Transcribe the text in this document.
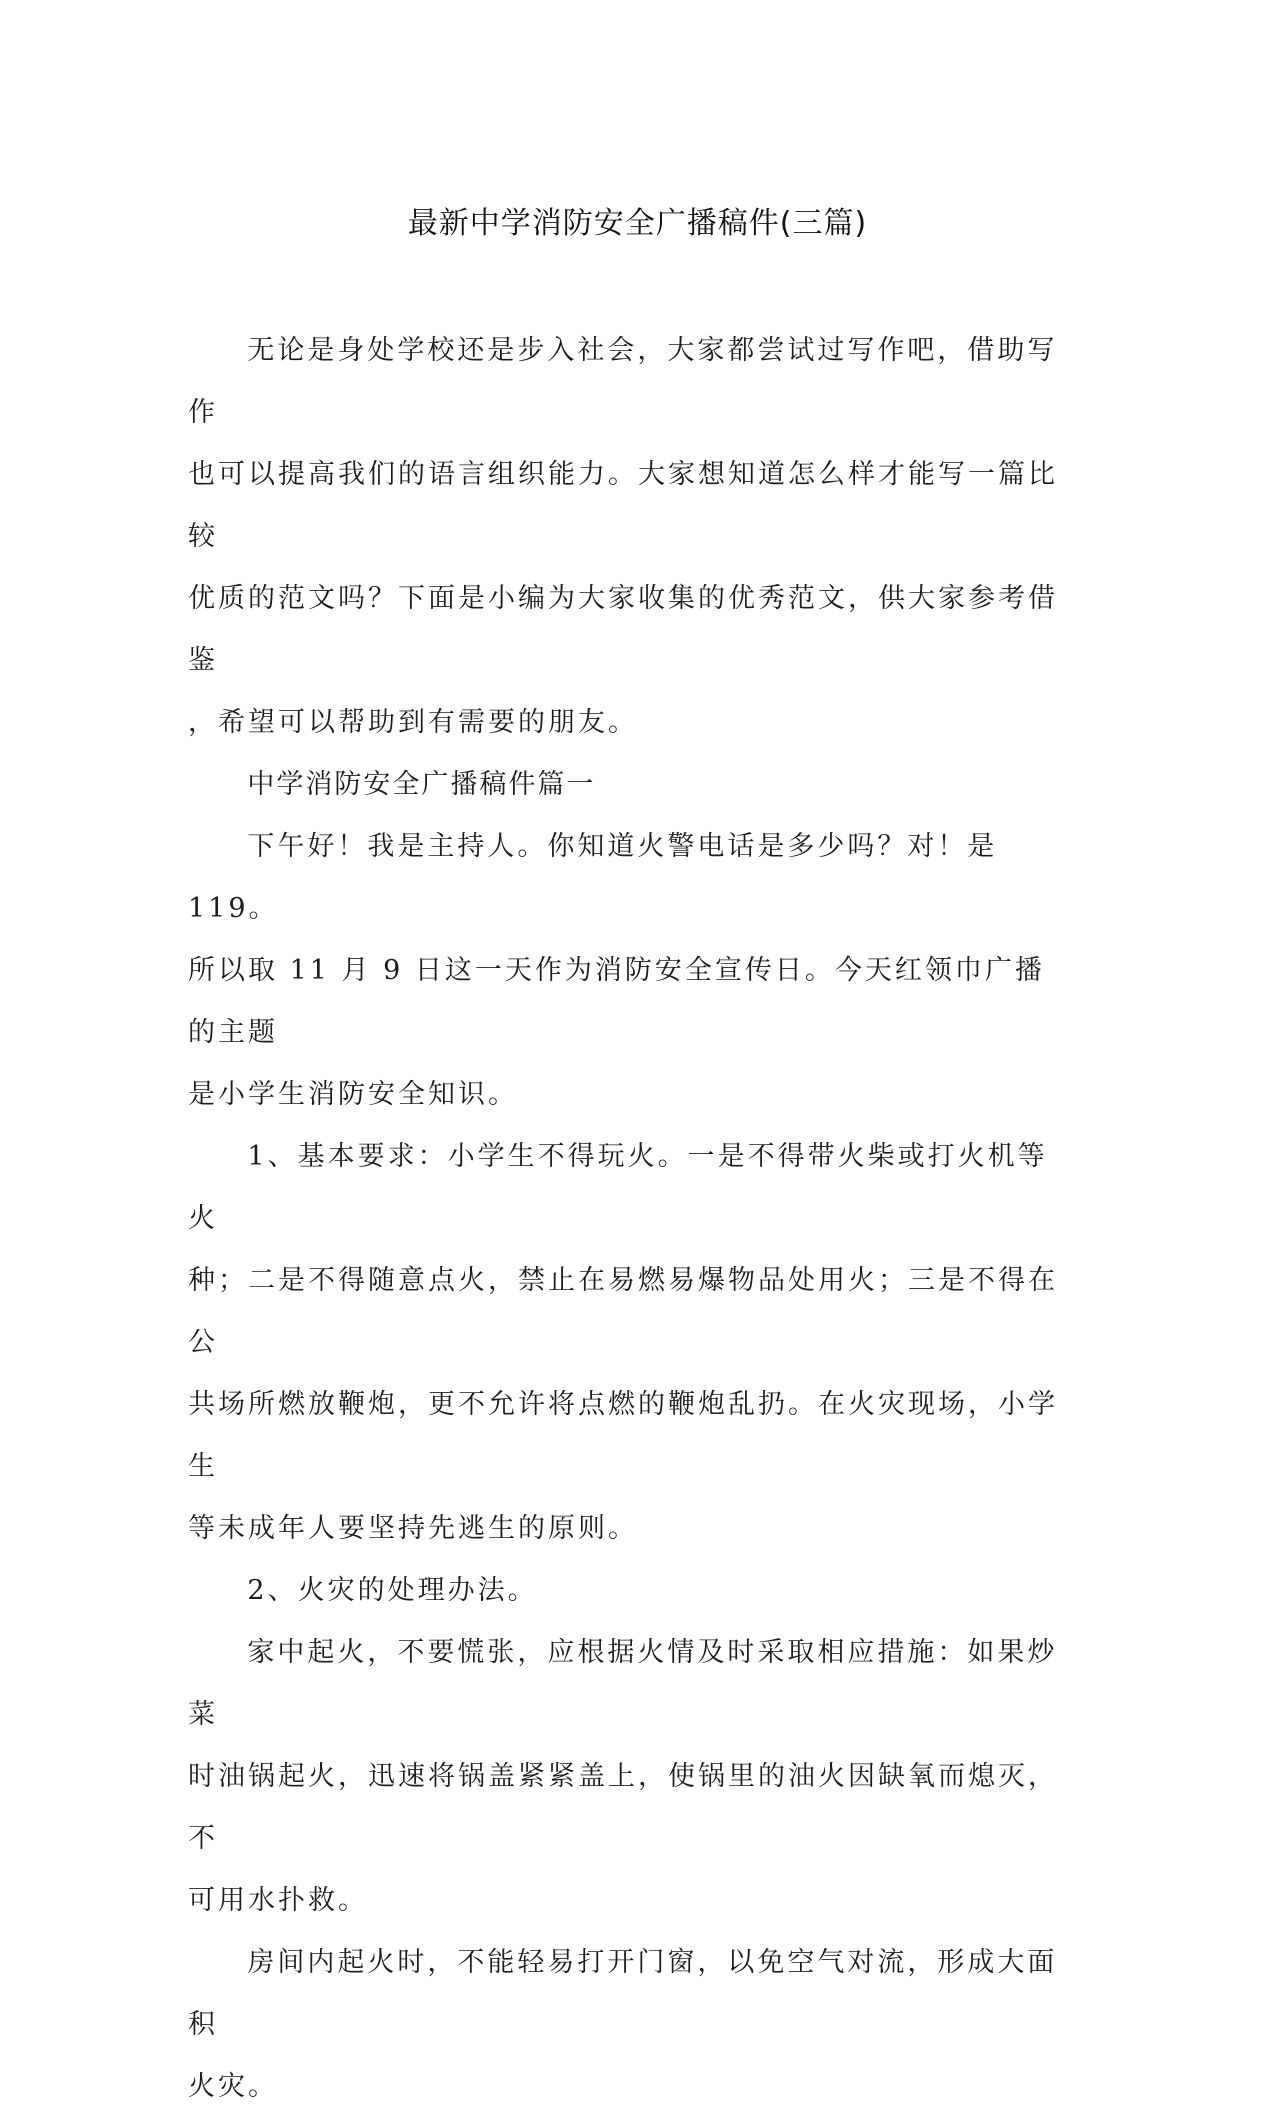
最新中学消防安全广播稿件(三篇)

无论是身处学校还是步入社会，大家都尝试过写作吧，借助写作
也可以提高我们的语言组织能力。大家想知道怎么样才能写一篇比较
优质的范文吗？下面是小编为大家收集的优秀范文，供大家参考借鉴
，希望可以帮助到有需要的朋友。

中学消防安全广播稿件篇一

下午好！我是主持人。你知道火警电话是多少吗？对！是 119。
所以取 11 月 9 日这一天作为消防安全宣传日。今天红领巾广播的主题
是小学生消防安全知识。

1、基本要求：小学生不得玩火。一是不得带火柴或打火机等火
种；二是不得随意点火，禁止在易燃易爆物品处用火；三是不得在公
共场所燃放鞭炮，更不允许将点燃的鞭炮乱扔。在火灾现场，小学生
等未成年人要坚持先逃生的原则。

2、火灾的处理办法。

家中起火，不要慌张，应根据火情及时采取相应措施：如果炒菜
时油锅起火，迅速将锅盖紧紧盖上，使锅里的油火因缺氧而熄灭，不
可用水扑救。

房间内起火时，不能轻易打开门窗，以免空气对流，形成大面积
火灾。
